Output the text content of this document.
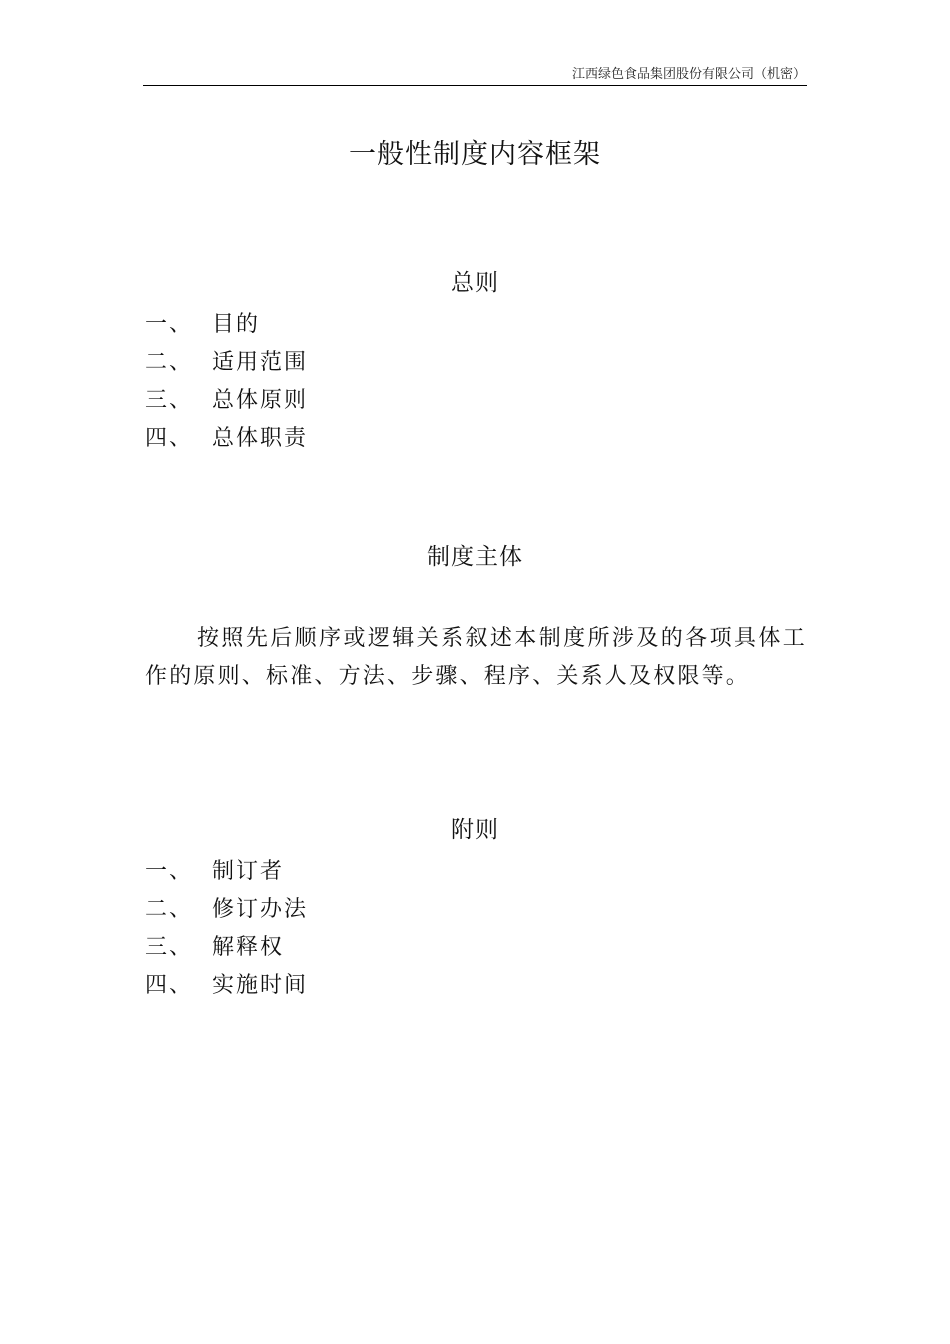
江西绿色食品集团股份有限公司（机密）
一般性制度内容框架
总则
一、 目的
二、 适用范围
三、 总体原则
四、 总体职责
制度主体

按照先后顺序或逻辑关系叙述本制度所涉及的各项具体工作的原则、标准、方法、步骤、程序、关系人及权限等。

附则
一、 制订者
二、 修订办法
三、 解释权
四、 实施时间
